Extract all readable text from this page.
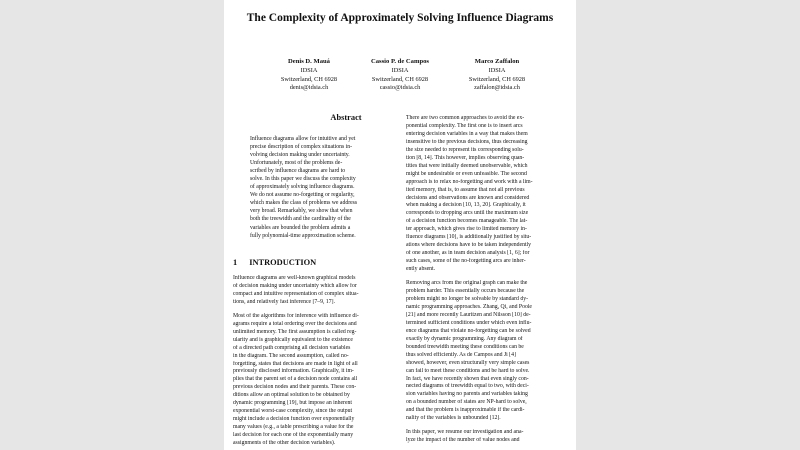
The Complexity of Approximately Solving Influence Diagrams
Denis D. Mauá
IDSIA
Switzerland, CH 6928
denis@idsia.ch
Cassio P. de Campos
IDSIA
Switzerland, CH 6928
cassio@idsia.ch
Marco Zaffalon
IDSIA
Switzerland, CH 6928
zaffalon@idsia.ch
Abstract
Influence diagrams allow for intuitive and yet
precise description of complex situations in-
volving decision making under uncertainty.
Unfortunately, most of the problems de-
scribed by influence diagrams are hard to
solve. In this paper we discuss the complexity
of approximately solving influence diagrams.
We do not assume no-forgetting or regularity,
which makes the class of problems we address
very broad. Remarkably, we show that when
both the treewidth and the cardinality of the
variables are bounded the problem admits a
fully polynomial-time approximation scheme.
1 INTRODUCTION
Influence diagrams are well-known graphical models
of decision making under uncertainty which allow for
compact and intuitive representation of complex situa-
tions, and relatively fast inference [7–9, 17].
Most of the algorithms for inference with influence di-
agrams require a total ordering over the decisions and
unlimited memory. The first assumption is called reg-
ularity and is graphically equivalent to the existence
of a directed path comprising all decision variables
in the diagram. The second assumption, called no-
forgetting, states that decisions are made in light of all
previously disclosed information. Graphically, it im-
plies that the parent set of a decision node contains all
previous decision nodes and their parents. These con-
ditions allow an optimal solution to be obtained by
dynamic programming [19], but impose an inherent
exponential worst-case complexity, since the output
might include a decision function over exponentially
many values (e.g., a table prescribing a value for the
last decision for each one of the exponentially many
assignments of the other decision variables).
There are two common approaches to avoid the ex-
ponential complexity. The first one is to insert arcs
entering decision variables in a way that makes them
insensitive to the previous decisions, thus decreasing
the size needed to represent its corresponding solu-
tion [8, 14]. This however, implies observing quan-
tities that were initially deemed unobservable, which
might be undesirable or even unfeasible. The second
approach is to relax no-forgetting and work with a lim-
ited memory, that is, to assume that not all previous
decisions and observations are known and considered
when making a decision [10, 13, 20]. Graphically, it
corresponds to dropping arcs until the maximum size
of a decision function becomes manageable. The lat-
ter approach, which gives rise to limited memory in-
fluence diagrams [10], is additionally justified by situ-
ations where decisions have to be taken independently
of one another, as in team decision analysis [1, 6]; for
such cases, some of the no-forgetting arcs are inher-
ently absent.
Removing arcs from the original graph can make the
problem harder. This essentially occurs because the
problem might no longer be solvable by standard dy-
namic programming approaches. Zhang, Qi, and Poole
[21] and more recently Lauritzen and Nilsson [10] de-
termined sufficient conditions under which even influ-
ence diagrams that violate no-forgetting can be solved
exactly by dynamic programming. Any diagram of
bounded treewidth meeting these conditions can be
thus solved efficiently. As de Campos and Ji [4]
showed, however, even structurally very simple cases
can fail to meet these conditions and be hard to solve.
In fact, we have recently shown that even singly con-
nected diagrams of treewidth equal to two, with deci-
sion variables having no parents and variables taking
on a bounded number of states are NP-hard to solve,
and that the problem is inapproximable if the cardi-
nality of the variables is unbounded [12].
In this paper, we resume our investigation and ana-
lyze the impact of the number of value nodes and
